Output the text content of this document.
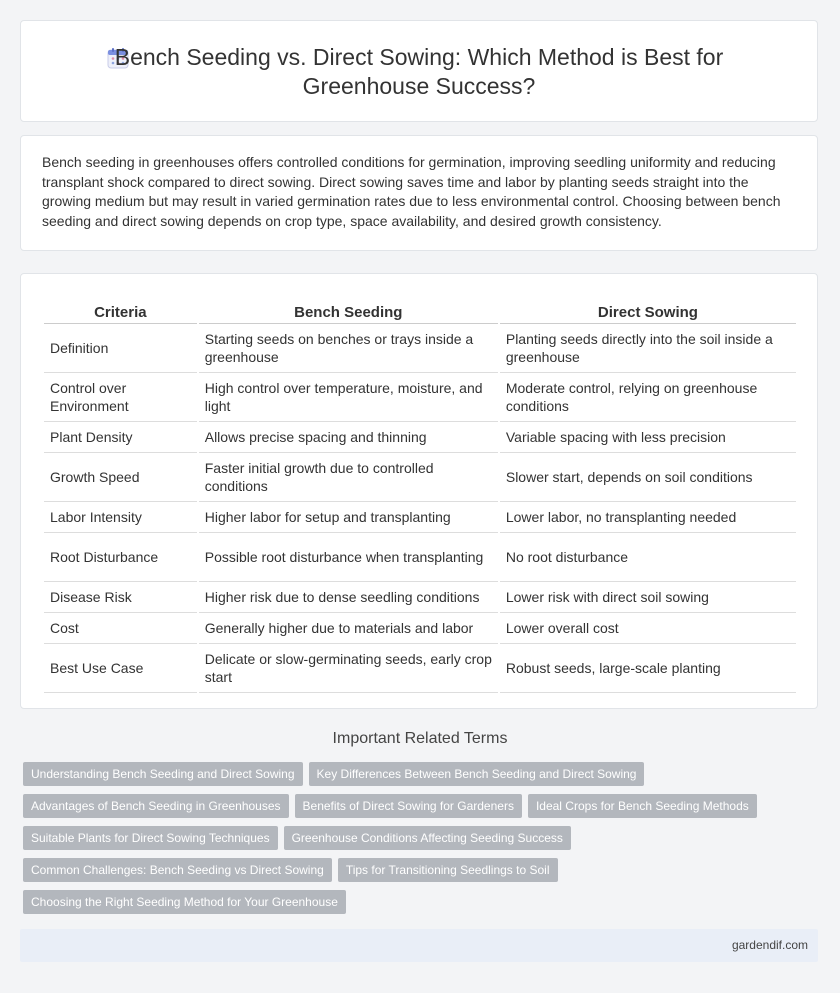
Bench Seeding vs. Direct Sowing: Which Method is Best for Greenhouse Success?

Bench seeding in greenhouses offers controlled conditions for germination, improving seedling uniformity and reducing transplant shock compared to direct sowing. Direct sowing saves time and labor by planting seeds straight into the growing medium but may result in varied germination rates due to less environmental control. Choosing between bench seeding and direct sowing depends on crop type, space availability, and desired growth consistency.

Criteria	Bench Seeding	Direct Sowing
Definition	Starting seeds on benches or trays inside a greenhouse	Planting seeds directly into the soil inside a greenhouse
Control over Environment	High control over temperature, moisture, and light	Moderate control, relying on greenhouse conditions
Plant Density	Allows precise spacing and thinning	Variable spacing with less precision
Growth Speed	Faster initial growth due to controlled conditions	Slower start, depends on soil conditions
Labor Intensity	Higher labor for setup and transplanting	Lower labor, no transplanting needed
Root Disturbance	Possible root disturbance when transplanting	No root disturbance
Disease Risk	Higher risk due to dense seedling conditions	Lower risk with direct soil sowing
Cost	Generally higher due to materials and labor	Lower overall cost
Best Use Case	Delicate or slow-germinating seeds, early crop start	Robust seeds, large-scale planting
Important Related Terms
Understanding Bench Seeding and Direct Sowing Key Differences Between Bench Seeding and Direct Sowing
Advantages of Bench Seeding in Greenhouses Benefits of Direct Sowing for Gardeners Ideal Crops for Bench Seeding Methods
Suitable Plants for Direct Sowing Techniques Greenhouse Conditions Affecting Seeding Success
Common Challenges: Bench Seeding vs Direct Sowing Tips for Transitioning Seedlings to Soil
Choosing the Right Seeding Method for Your Greenhouse
gardendif.com
